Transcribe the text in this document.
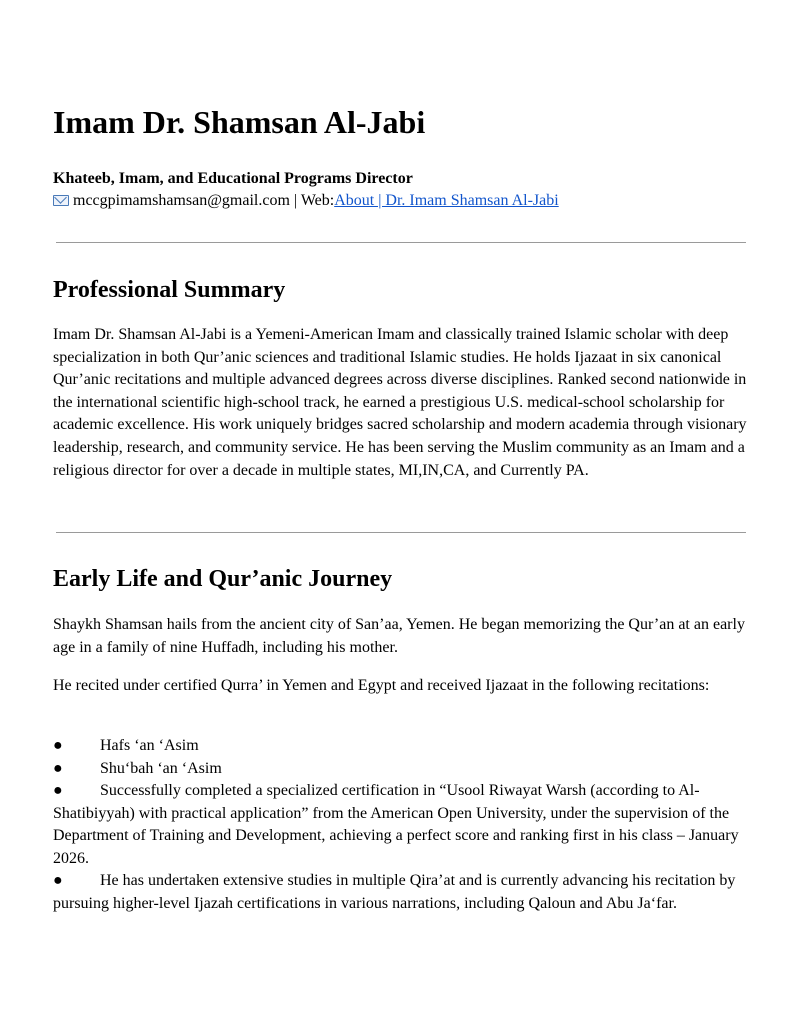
Imam Dr. Shamsan Al-Jabi
Khateeb, Imam, and Educational Programs Director
mccgpimamshamsan@gmail.com | Web:About | Dr. Imam Shamsan Al-Jabi
Professional Summary

Imam Dr. Shamsan Al-Jabi is a Yemeni-American Imam and classically trained Islamic scholar with deep specialization in both Qur’anic sciences and traditional Islamic studies. He holds Ijazaat in six canonical Qur’anic recitations and multiple advanced degrees across diverse disciplines. Ranked second nationwide in the international scientific high-school track, he earned a prestigious U.S. medical-school scholarship for academic excellence. His work uniquely bridges sacred scholarship and modern academia through visionary leadership, research, and community service. He has been serving the Muslim community as an Imam and a religious director for over a decade in multiple states, MI,IN,CA, and Currently PA.

Early Life and Qur’anic Journey

Shaykh Shamsan hails from the ancient city of San’aa, Yemen. He began memorizing the Qur’an at an early age in a family of nine Huffadh, including his mother.

He recited under certified Qurra’ in Yemen and Egypt and received Ijazaat in the following recitations:

● Hafs ‘an ‘Asim
● Shu‘bah ‘an ‘Asim
● Successfully completed a specialized certification in “Usool Riwayat Warsh (according to Al-Shatibiyyah) with practical application” from the American Open University, under the supervision of the Department of Training and Development, achieving a perfect score and ranking first in his class – January 2026.
● He has undertaken extensive studies in multiple Qira’at and is currently advancing his recitation by pursuing higher-level Ijazah certifications in various narrations, including Qaloun and Abu Ja‘far.
